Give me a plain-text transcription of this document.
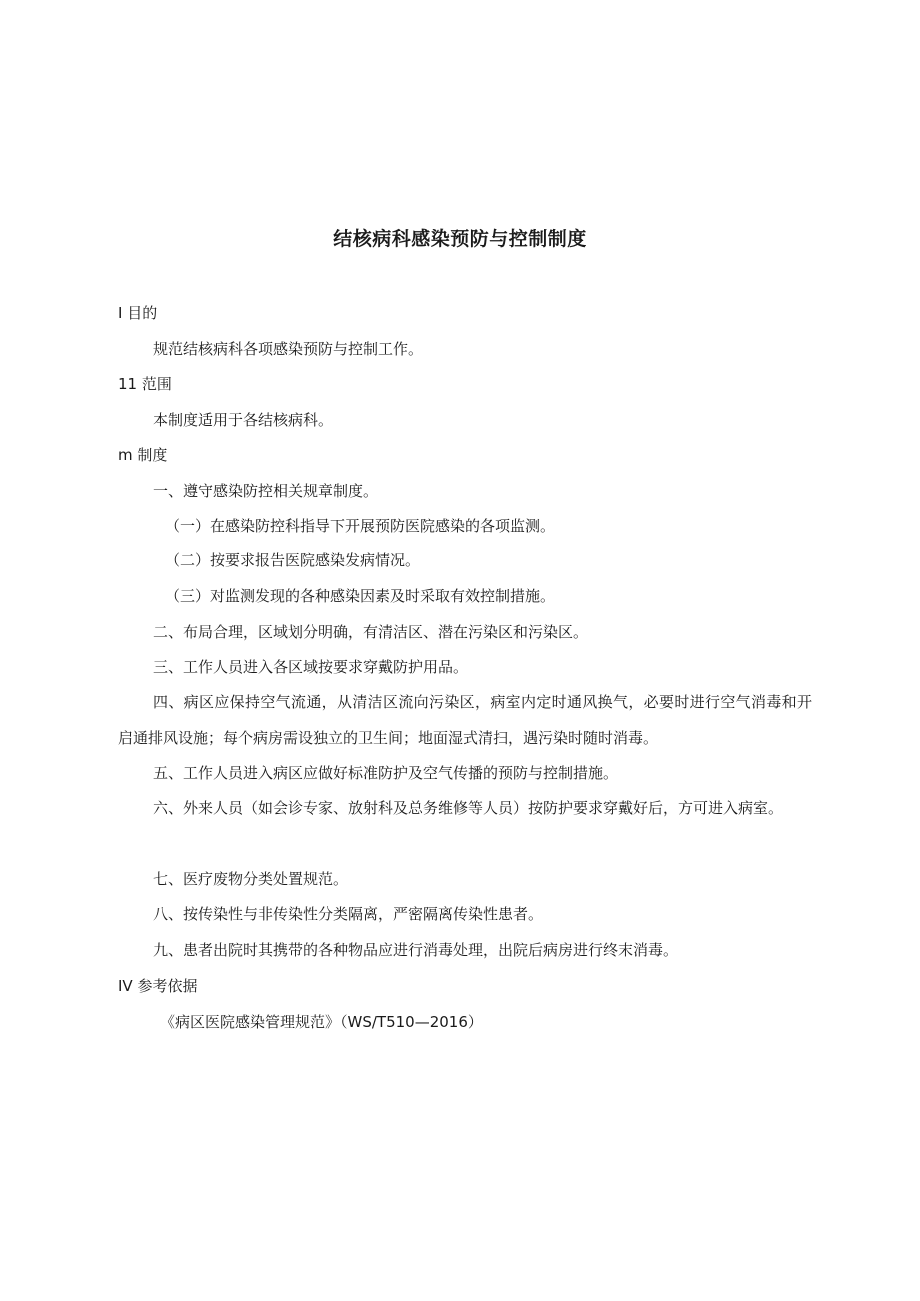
结核病科感染预防与控制制度
I 目的
规范结核病科各项感染预防与控制工作。
11 范围
本制度适用于各结核病科。
m 制度
一、遵守感染防控相关规章制度。
（一）在感染防控科指导下开展预防医院感染的各项监测。
（二）按要求报告医院感染发病情况。
（三）对监测发现的各种感染因素及时采取有效控制措施。
二、布局合理，区域划分明确，有清洁区、潜在污染区和污染区。
三、工作人员进入各区域按要求穿戴防护用品。
四、病区应保持空气流通，从清洁区流向污染区，病室内定时通风换气，必要时进行空气消毒和开启通排风设施；每个病房需设独立的卫生间；地面湿式清扫，遇污染时随时消毒。
五、工作人员进入病区应做好标准防护及空气传播的预防与控制措施。
六、外来人员（如会诊专家、放射科及总务维修等人员）按防护要求穿戴好后，方可进入病室。
七、医疗废物分类处置规范。
八、按传染性与非传染性分类隔离，严密隔离传染性患者。
九、患者出院时其携带的各种物品应进行消毒处理，出院后病房进行终末消毒。
IV 参考依据
《病区医院感染管理规范》（WS/T510—2016）
